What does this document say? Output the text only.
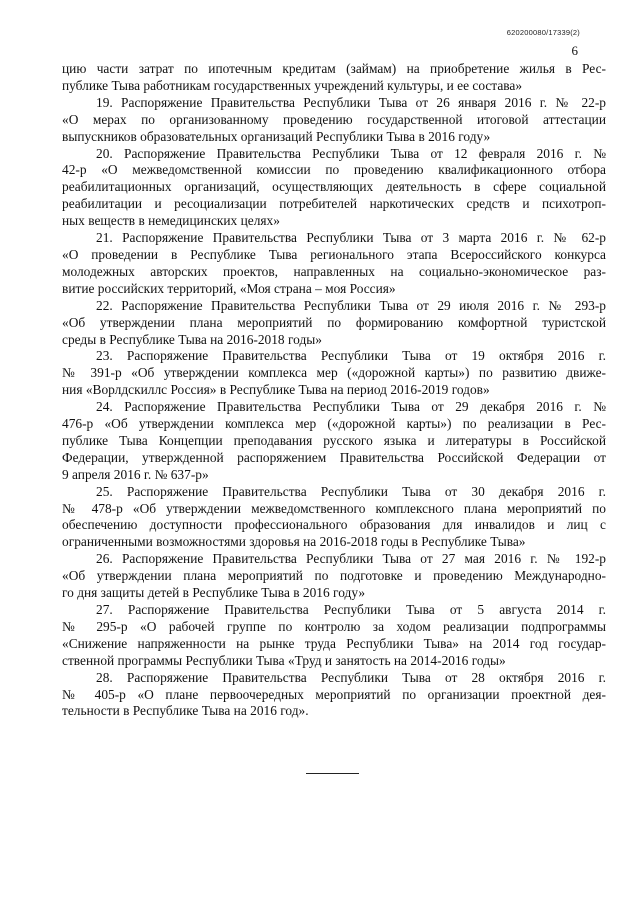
620200080/17339(2)
6
цию части затрат по ипотечным кредитам (займам) на приобретение жилья в Рес-
публике Тыва работникам государственных учреждений культуры, и ее состава»
19. Распоряжение Правительства Республики Тыва от 26 января 2016 г. № 22-р
«О мерах по организованному проведению государственной итоговой аттестации
выпускников образовательных организаций Республики Тыва в 2016 году»
20. Распоряжение Правительства Республики Тыва от 12 февраля 2016 г. №
42-р «О межведомственной комиссии по проведению квалификационного отбора
реабилитационных организаций, осуществляющих деятельность в сфере социальной
реабилитации и ресоциализации потребителей наркотических средств и психотроп-
ных веществ в немедицинских целях»
21. Распоряжение Правительства Республики Тыва от 3 марта 2016 г. № 62-р
«О проведении в Республике Тыва регионального этапа Всероссийского конкурса
молодежных авторских проектов, направленных на социально-экономическое раз-
витие российских территорий, «Моя страна – моя Россия»
22. Распоряжение Правительства Республики Тыва от 29 июля 2016 г. № 293-р
«Об утверждении плана мероприятий по формированию комфортной туристской
среды в Республике Тыва на 2016-2018 годы»
23. Распоряжение Правительства Республики Тыва от 19 октября 2016 г.
№ 391-р «Об утверждении комплекса мер («дорожной карты») по развитию движе-
ния «Ворлдскиллс Россия» в Республике Тыва на период 2016-2019 годов»
24. Распоряжение Правительства Республики Тыва от 29 декабря 2016 г. №
476-р «Об утверждении комплекса мер («дорожной карты») по реализации в Рес-
публике Тыва Концепции преподавания русского языка и литературы в Российской
Федерации, утвержденной распоряжением Правительства Российской Федерации от
9 апреля 2016 г. № 637-р»
25. Распоряжение Правительства Республики Тыва от 30 декабря 2016 г.
№ 478-р «Об утверждении межведомственного комплексного плана мероприятий по
обеспечению доступности профессионального образования для инвалидов и лиц с
ограниченными возможностями здоровья на 2016-2018 годы в Республике Тыва»
26. Распоряжение Правительства Республики Тыва от 27 мая 2016 г. № 192-р
«Об утверждении плана мероприятий по подготовке и проведению Международно-
го дня защиты детей в Республике Тыва в 2016 году»
27. Распоряжение Правительства Республики Тыва от 5 августа 2014 г.
№ 295-р «О рабочей группе по контролю за ходом реализации подпрограммы
«Снижение напряженности на рынке труда Республики Тыва» на 2014 год государ-
ственной программы Республики Тыва «Труд и занятость на 2014-2016 годы»
28. Распоряжение Правительства Республики Тыва от 28 октября 2016 г.
№ 405-р «О плане первоочередных мероприятий по организации проектной дея-
тельности в Республике Тыва на 2016 год».
